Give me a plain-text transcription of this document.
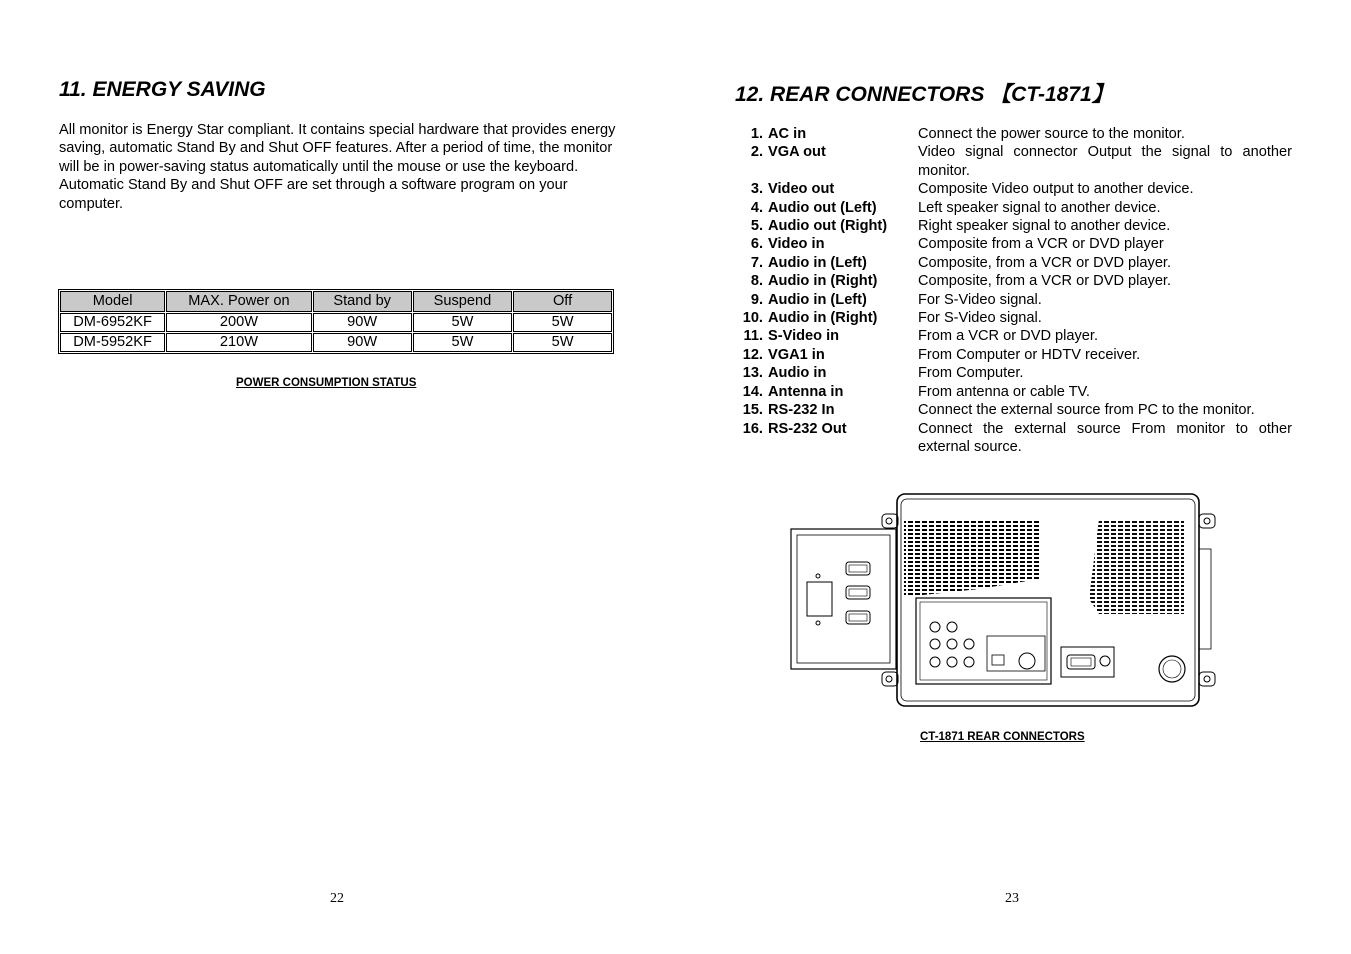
11. ENERGY SAVING

All monitor is Energy Star compliant. It contains special hardware that provides energy saving, automatic Stand By and Shut OFF features. After a period of time, the monitor will be in power-saving status automatically until the mouse or use the keyboard.

Automatic Stand By and Shut OFF are set through a software program on your computer.

Model	MAX. Power on	Stand by	Suspend	Off
DM-6952KF	200W	90W	5W	5W
DM-5952KF	210W	90W	5W	5W
POWER CONSUMPTION STATUS
22
12. REAR CONNECTORS 【CT-1871】
1. AC in	Connect the power source to the monitor.
2. VGA out	Video signal connector Output the signal to another monitor.
3. Video out	Composite Video output to another device.
4. Audio out (Left)	Left speaker signal to another device.
5. Audio out (Right)	Right speaker signal to another device.
6. Video in	Composite from a VCR or DVD player
7. Audio in (Left)	Composite, from a VCR or DVD player.
8. Audio in (Right)	Composite, from a VCR or DVD player.
9. Audio in (Left)	For S-Video signal.
10. Audio in (Right)	For S-Video signal.
11. S-Video in	From a VCR or DVD player.
12. VGA1 in	From Computer or HDTV receiver.
13. Audio in	From Computer.
14. Antenna in	From antenna or cable TV.
15. RS-232 In	Connect the external source from PC to the monitor.
16. RS-232 Out	Connect the external source From monitor to other external source.
CT-1871 REAR CONNECTORS
23
